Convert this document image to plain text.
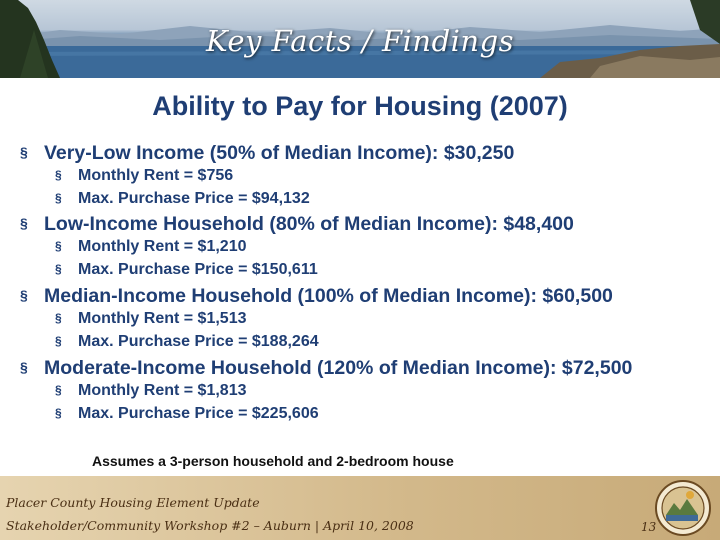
Key Facts / Findings
Ability to Pay for Housing (2007)
§ Very-Low Income (50% of Median Income): $30,250
§ Monthly Rent = $756
§ Max. Purchase Price = $94,132
§ Low-Income Household (80% of Median Income): $48,400
§ Monthly Rent = $1,210
§ Max. Purchase Price = $150,611
§ Median-Income Household (100% of Median Income): $60,500
§ Monthly Rent = $1,513
§ Max. Purchase Price = $188,264
§ Moderate-Income Household (120% of Median Income): $72,500
§ Monthly Rent = $1,813
§ Max. Purchase Price = $225,606
Assumes a 3-person household and 2-bedroom house
Placer County Housing Element Update
Stakeholder/Community Workshop #2 – Auburn | April 10, 2008	13
